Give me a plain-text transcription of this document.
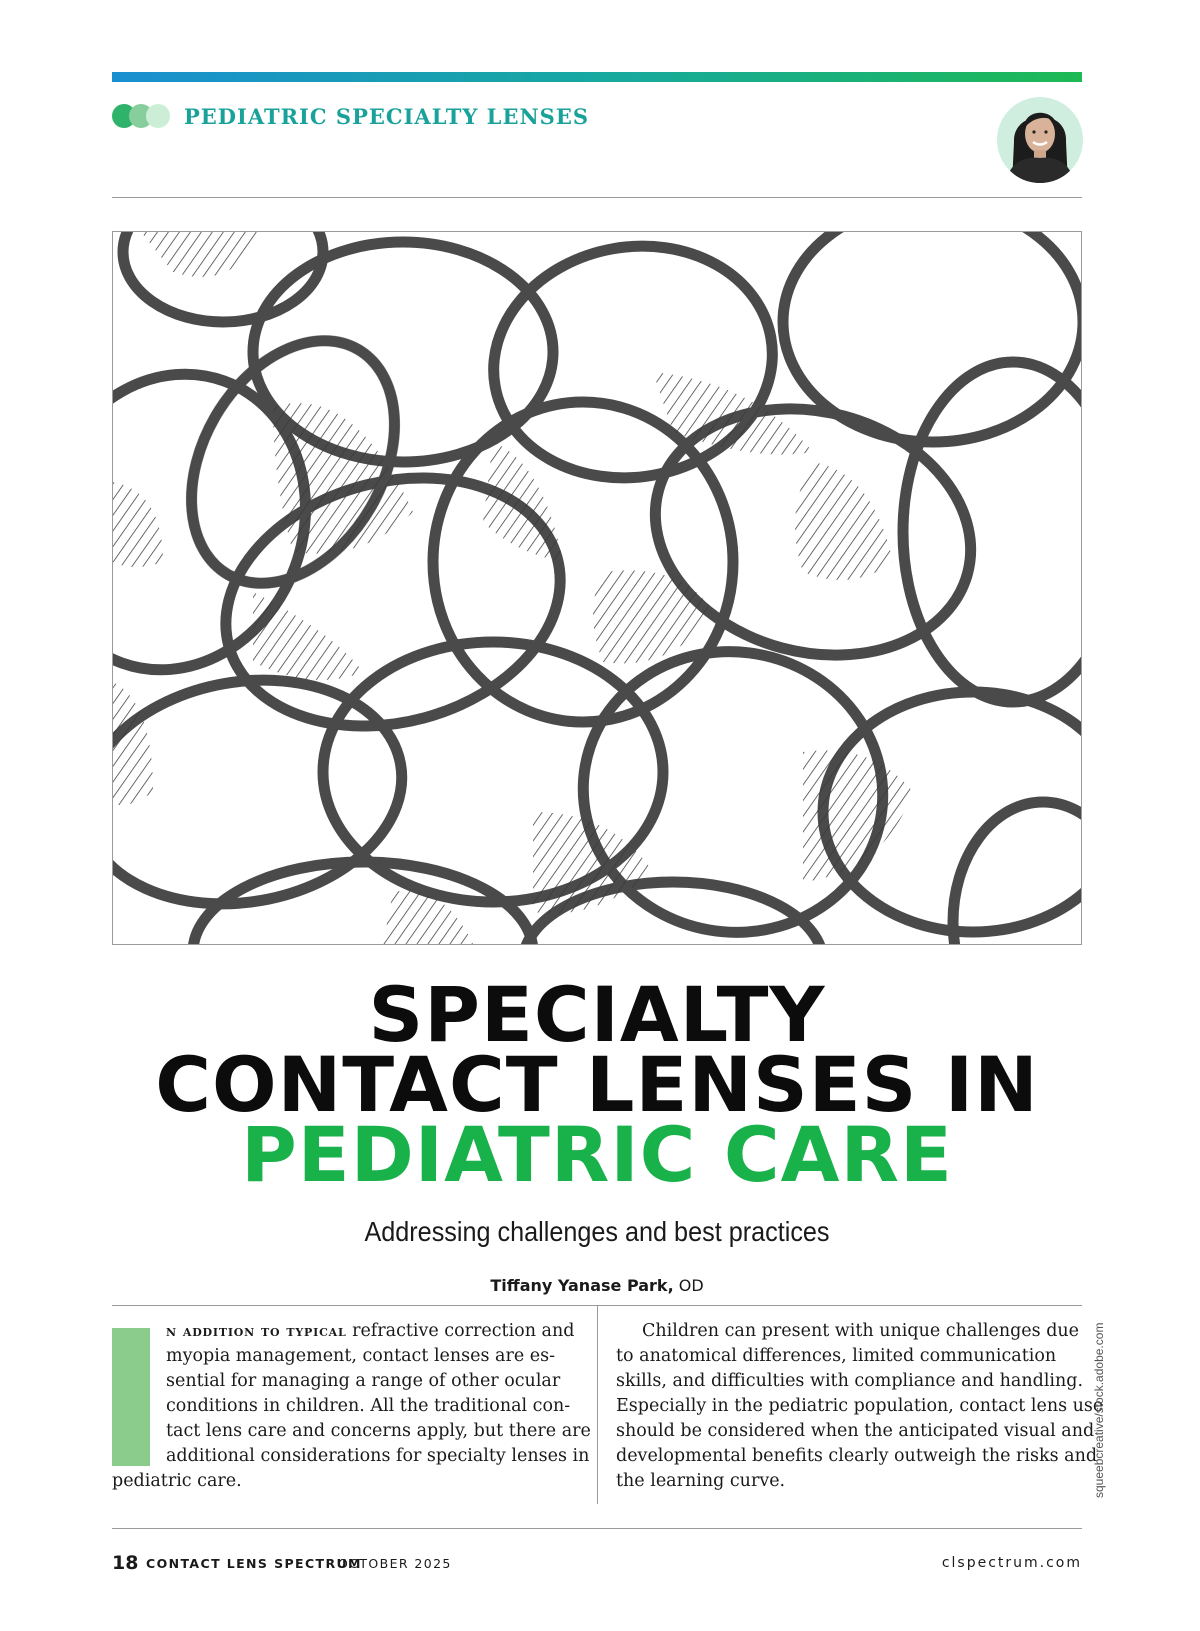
PEDIATRIC SPECIALTY LENSES
SPECIALTY
CONTACT LENSES IN
PEDIATRIC CARE
Addressing challenges and best practices
Tiffany Yanase Park, OD
n addition to typical refractive correction and
myopia management, contact lenses are es-
sential for managing a range of other ocular
conditions in children. All the traditional con-
tact lens care and concerns apply, but there are
additional considerations for specialty lenses in
pediatric care.
Children can present with unique challenges due
to anatomical differences, limited communication
skills, and difficulties with compliance and handling.
Especially in the pediatric population, contact lens use
should be considered when the anticipated visual and
developmental benefits clearly outweigh the risks and
the learning curve.	squeebcreative/stock.adobe.com
18 CONTACT LENS SPECTRUM
OCTOBER 2025	clspectrum.com
